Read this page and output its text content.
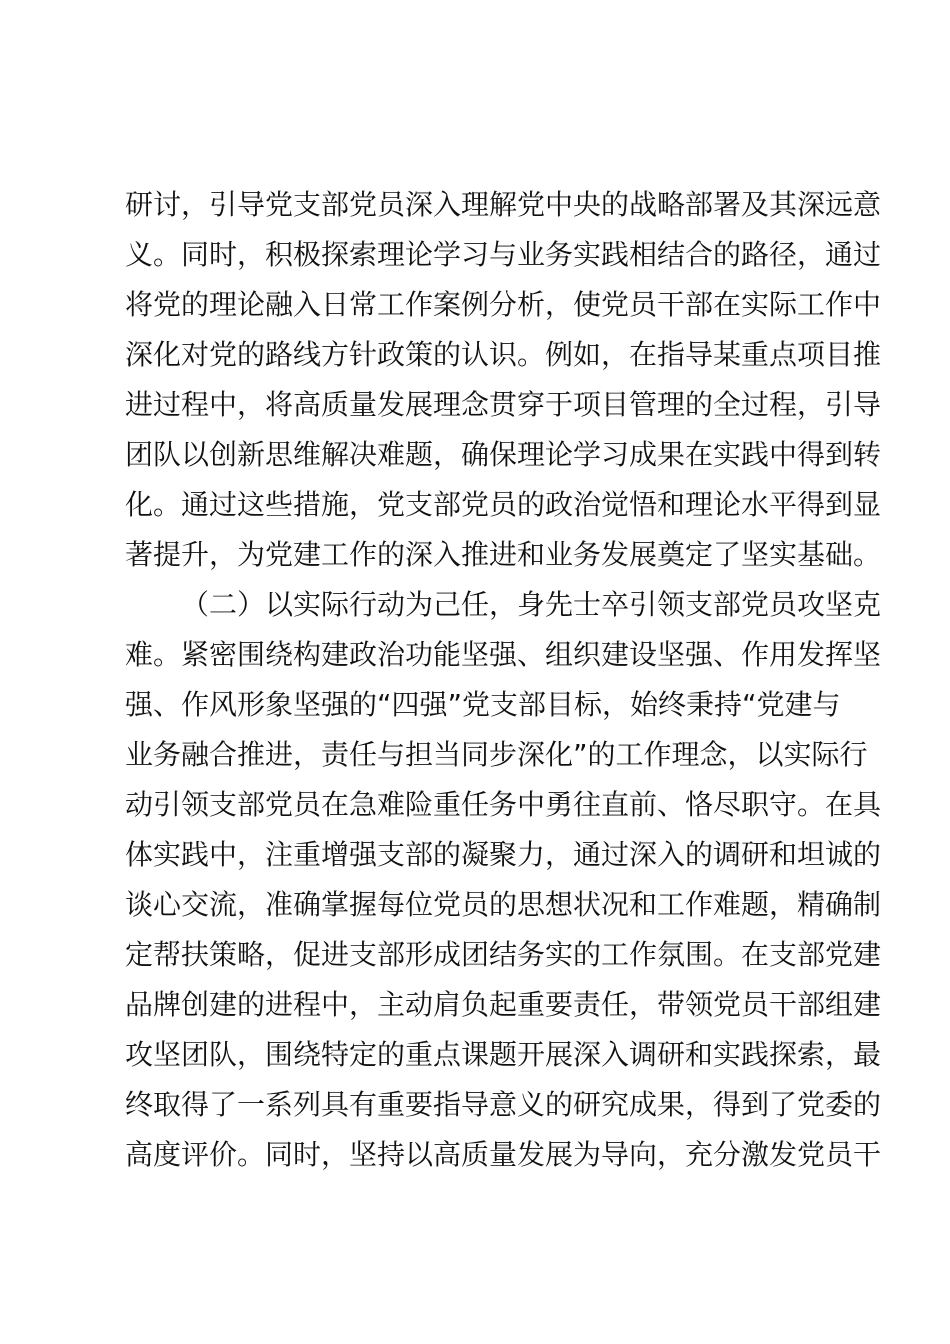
研讨，引导党支部党员深入理解党中央的战略部署及其深远意
义。同时，积极探索理论学习与业务实践相结合的路径，通过
将党的理论融入日常工作案例分析，使党员干部在实际工作中
深化对党的路线方针政策的认识。例如，在指导某重点项目推
进过程中，将高质量发展理念贯穿于项目管理的全过程，引导
团队以创新思维解决难题，确保理论学习成果在实践中得到转
化。通过这些措施，党支部党员的政治觉悟和理论水平得到显
著提升，为党建工作的深入推进和业务发展奠定了坚实基础。
（二）以实际行动为己任，身先士卒引领支部党员攻坚克
难。紧密围绕构建政治功能坚强、组织建设坚强、作用发挥坚
强、作风形象坚强的“四强”党支部目标，始终秉持“党建与
业务融合推进，责任与担当同步深化”的工作理念，以实际行
动引领支部党员在急难险重任务中勇往直前、恪尽职守。在具
体实践中，注重增强支部的凝聚力，通过深入的调研和坦诚的
谈心交流，准确掌握每位党员的思想状况和工作难题，精确制
定帮扶策略，促进支部形成团结务实的工作氛围。在支部党建
品牌创建的进程中，主动肩负起重要责任，带领党员干部组建
攻坚团队，围绕特定的重点课题开展深入调研和实践探索，最
终取得了一系列具有重要指导意义的研究成果，得到了党委的
高度评价。同时，坚持以高质量发展为导向，充分激发党员干
